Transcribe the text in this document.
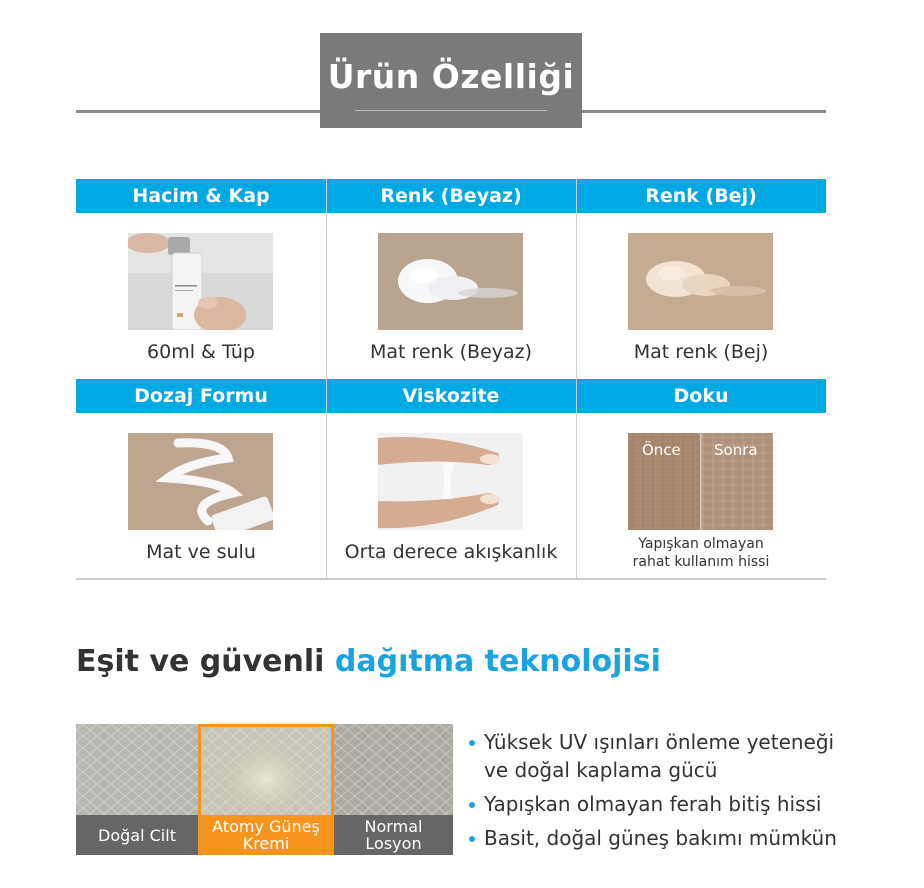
Ürün Özelliği
Hacim & Kap
60ml & Tüp
Renk (Beyaz)
Mat renk (Beyaz)
Renk (Bej)
Mat renk (Bej)
Dozaj Formu
Mat ve sulu
Viskozite
Orta derece akışkanlık
Doku
Önce Sonra
Yapışkan olmayan rahat kullanım hissi
Eşit ve güvenli dağıtma teknolojisi
Doğal Cilt	Atomy Güneş Kremi
Normal Losyon
Yüksek UV ışınları önleme yeteneği ve doğal kaplama gücü
Yapışkan olmayan ferah bitiş hissi
Basit, doğal güneş bakımı mümkün
